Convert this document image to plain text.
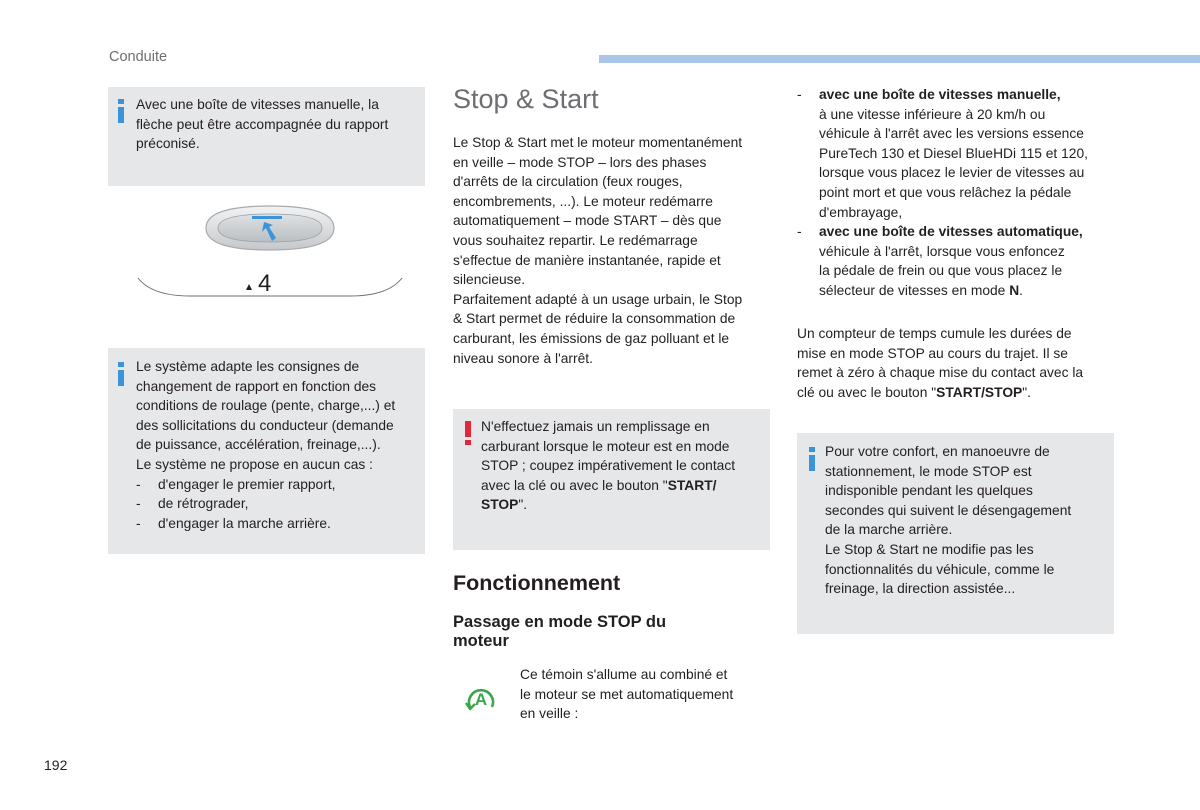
Conduite

Avec une boîte de vitesses manuelle, la
flèche peut être accompagnée du rapport
préconisé.

4
Le système adapte les consignes de
changement de rapport en fonction des
conditions de roulage (pente, charge,...) et
des sollicitations du conducteur (demande
de puissance, accélération, freinage,...).
Le système ne propose en aucun cas :
- d'engager le premier rapport,
- de rétrograder,
- d'engager la marche arrière.
Stop & Start
Le Stop & Start met le moteur momentanément
en veille – mode STOP – lors des phases
d'arrêts de la circulation (feux rouges,
encombrements, ...). Le moteur redémarre
automatiquement – mode START – dès que
vous souhaitez repartir. Le redémarrage
s'effectue de manière instantanée, rapide et
silencieuse.
Parfaitement adapté à un usage urbain, le Stop
& Start permet de réduire la consommation de
carburant, les émissions de gaz polluant et le
niveau sonore à l'arrêt.
N'effectuez jamais un remplissage en
carburant lorsque le moteur est en mode
STOP ; coupez impérativement le contact
avec la clé ou avec le bouton "START/
STOP".
Fonctionnement
Passage en mode STOP du
moteur
A
Ce témoin s'allume au combiné et
le moteur se met automatiquement
en veille :
- avec une boîte de vitesses manuelle,
à une vitesse inférieure à 20 km/h ou
véhicule à l'arrêt avec les versions essence
PureTech 130 et Diesel BlueHDi 115 et 120,
lorsque vous placez le levier de vitesses au
point mort et que vous relâchez la pédale
d'embrayage,
- avec une boîte de vitesses automatique,
véhicule à l'arrêt, lorsque vous enfoncez
la pédale de frein ou que vous placez le
sélecteur de vitesses en mode N.
Un compteur de temps cumule les durées de
mise en mode STOP au cours du trajet. Il se
remet à zéro à chaque mise du contact avec la
clé ou avec le bouton "START/STOP".
Pour votre confort, en manoeuvre de
stationnement, le mode STOP est
indisponible pendant les quelques
secondes qui suivent le désengagement
de la marche arrière.
Le Stop & Start ne modifie pas les
fonctionnalités du véhicule, comme le
freinage, la direction assistée...
192
